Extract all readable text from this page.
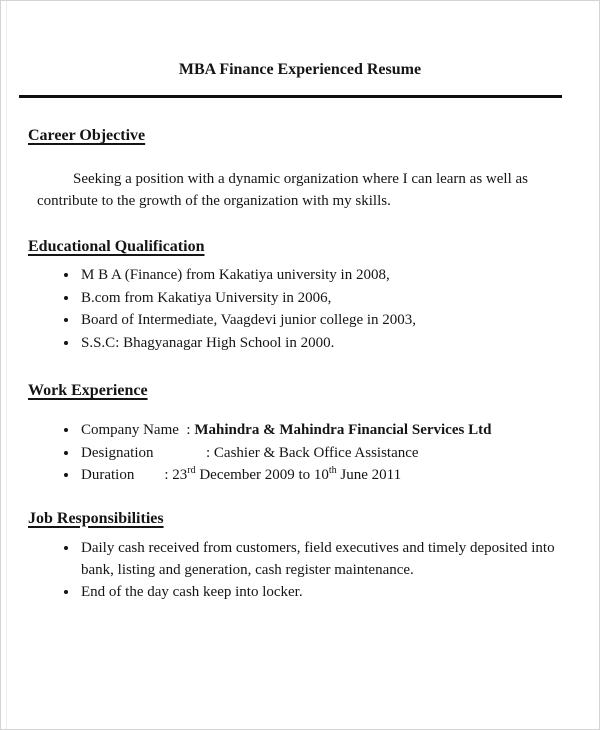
MBA Finance Experienced Resume
Career Objective

Seeking a position with a dynamic organization where I can learn as well as contribute to the growth of the organization with my skills.

Educational Qualification
• M B A (Finance) from Kakatiya university in 2008,
• B.com from Kakatiya University in 2006,
• Board of Intermediate, Vaagdevi junior college in 2003,
• S.S.C: Bhagyanagar High School in 2000.
Work Experience
• Company Name  : Mahindra & Mahindra Financial Services Ltd
• Designation              : Cashier & Back Office Assistance
• Duration        : 23rd December 2009 to 10th June 2011
Job Responsibilities
• Daily cash received from customers, field executives and timely deposited into bank, listing and generation, cash register maintenance.
• End of the day cash keep into locker.
